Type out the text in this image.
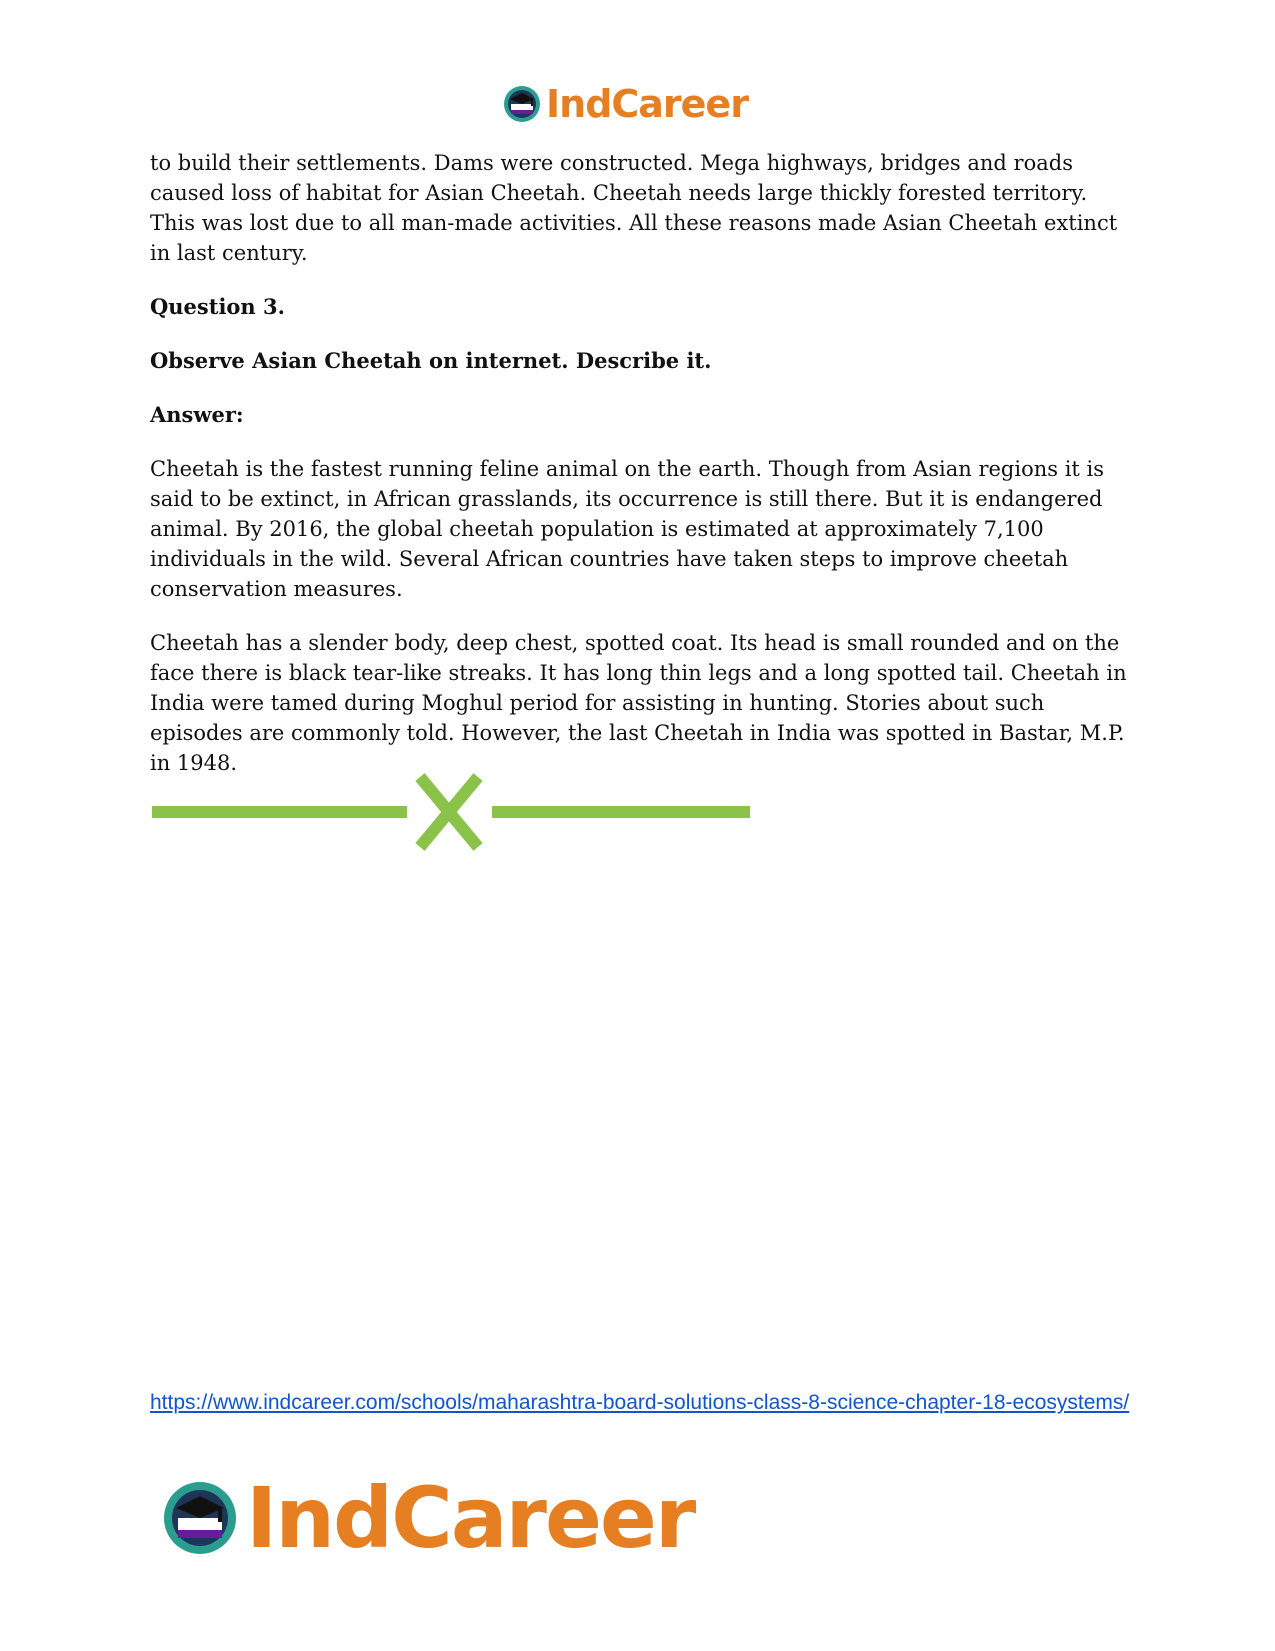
IndCareer

to build their settlements. Dams were constructed. Mega highways, bridges and roads caused loss of habitat for Asian Cheetah. Cheetah needs large thickly forested territory. This was lost due to all man-made activities. All these reasons made Asian Cheetah extinct in last century.

Question 3.

Observe Asian Cheetah on internet. Describe it.

Answer:

Cheetah is the fastest running feline animal on the earth. Though from Asian regions it is said to be extinct, in African grasslands, its occurrence is still there. But it is endangered animal. By 2016, the global cheetah population is estimated at approximately 7,100 individuals in the wild. Several African countries have taken steps to improve cheetah conservation measures.

Cheetah has a slender body, deep chest, spotted coat. Its head is small rounded and on the face there is black tear-like streaks. It has long thin legs and a long spotted tail. Cheetah in India were tamed during Moghul period for assisting in hunting. Stories about such episodes are commonly told. However, the last Cheetah in India was spotted in Bastar, M.P. in 1948.

https://www.indcareer.com/schools/maharashtra-board-solutions-class-8-science-chapter-18-ecosystems/
IndCareer
